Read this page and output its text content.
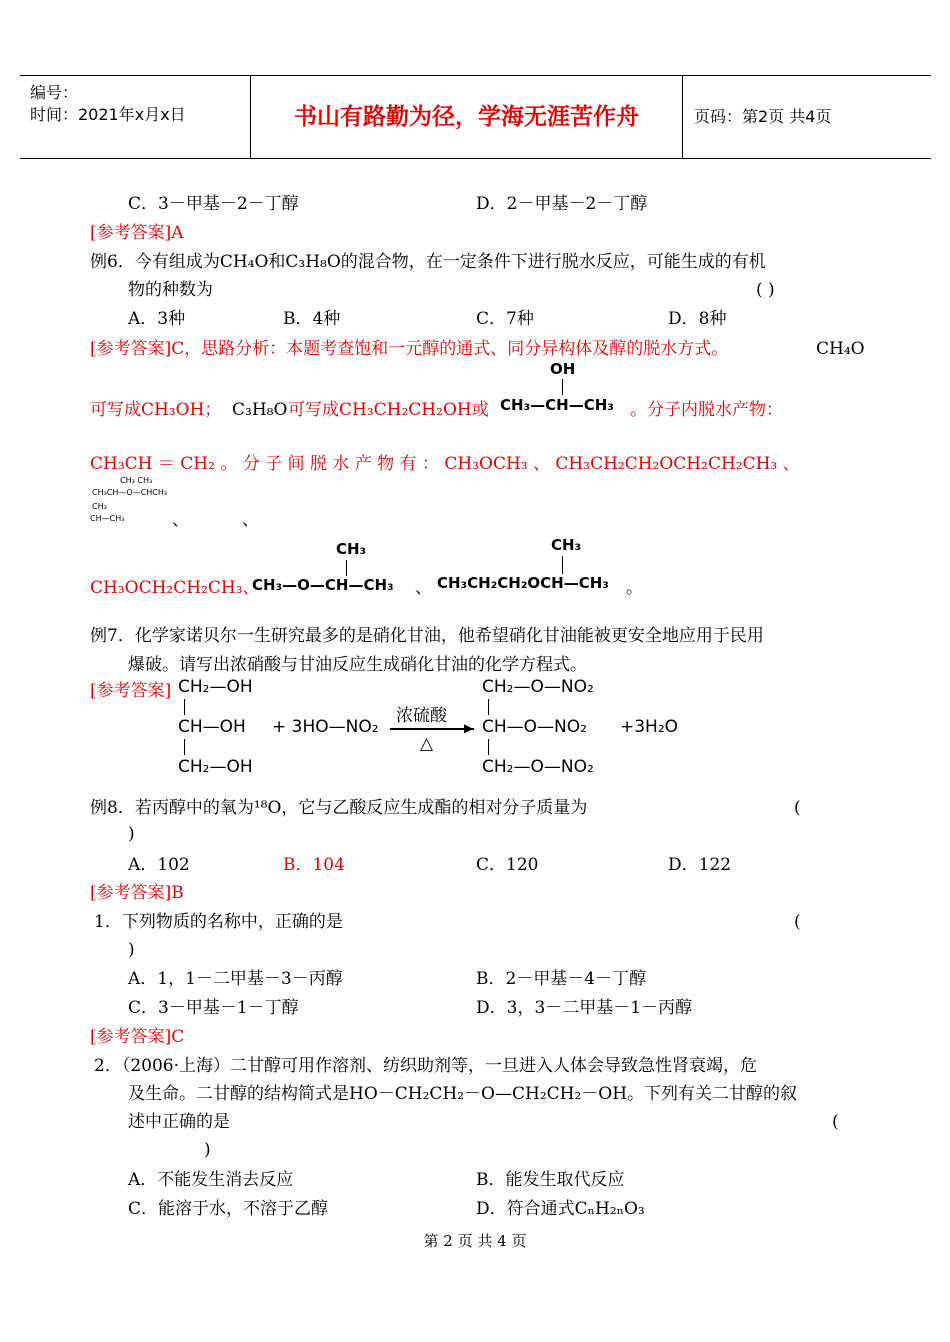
编号：
时间：2021年x月x日	书山有路勤为径，学海无涯苦作舟	页码：第2页 共4页
C．3－甲基－2－丁醇	D．2－甲基－2－丁醇
[参考答案]A
例6．今有组成为CH₄O和C₃H₈O的混合物，在一定条件下进行脱水反应，可能生成的有机
物的种数为	( )
A．3种	B．4种	C．7种	D．8种
[参考答案]C，思路分析：本题考查饱和一元醇的通式、同分异构体及醇的脱水方式。	CH₄O
可写成CH₃OH； C₃H₈O 可写成CH₃CH₂CH₂OH或
OH
CH₃—CH—CH₃ 。分子内脱水产物：
CH₃CH ＝ CH₂ 。 分 子 间 脱 水 产 物 有 ： CH₃OCH₃ 、 CH₃CH₂CH₂OCH₂CH₂CH₃ 、
CH₃ CH₃
CH₃CH—O—CHCH₃
CH₃
CH—CH₃	、	、
CH₃OCH₂CH₂CH₃、
CH₃
CH₃—O—CH—CH₃ 、
CH₃
CH₃CH₂CH₂OCH—CH₃ 。
例7．化学家诺贝尔一生研究最多的是硝化甘油，他希望硝化甘油能被更安全地应用于民用
爆破。请写出浓硝酸与甘油反应生成硝化甘油的化学方程式。
[参考答案] CH₂—OH
CH—OH
CH₂—OH
+ 3HO—NO₂
浓硫酸
▶
△
CH₂—O—NO₂
CH—O—NO₂
CH₂—O—NO₂
+3H₂O
例8．若丙醇中的氧为¹⁸O，它与乙酸反应生成酯的相对分子质量为	(
)
A．102	B．104	C．120	D．122
[参考答案]B
1．下列物质的名称中，正确的是	(
)
A．1，1－二甲基－3－丙醇	B．2－甲基－4－丁醇
C．3－甲基－1－丁醇	D．3，3－二甲基－1－丙醇
[参考答案]C
2．（2006·上海）二甘醇可用作溶剂、纺织助剂等，一旦进入人体会导致急性肾衰竭，危
及生命。二甘醇的结构简式是HO－CH₂CH₂－O—CH₂CH₂－OH。下列有关二甘醇的叙
述中正确的是	(
)
A．不能发生消去反应	B．能发生取代反应
C．能溶于水，不溶于乙醇	D．符合通式CₙH₂ₙO₃
第 2 页 共 4 页
